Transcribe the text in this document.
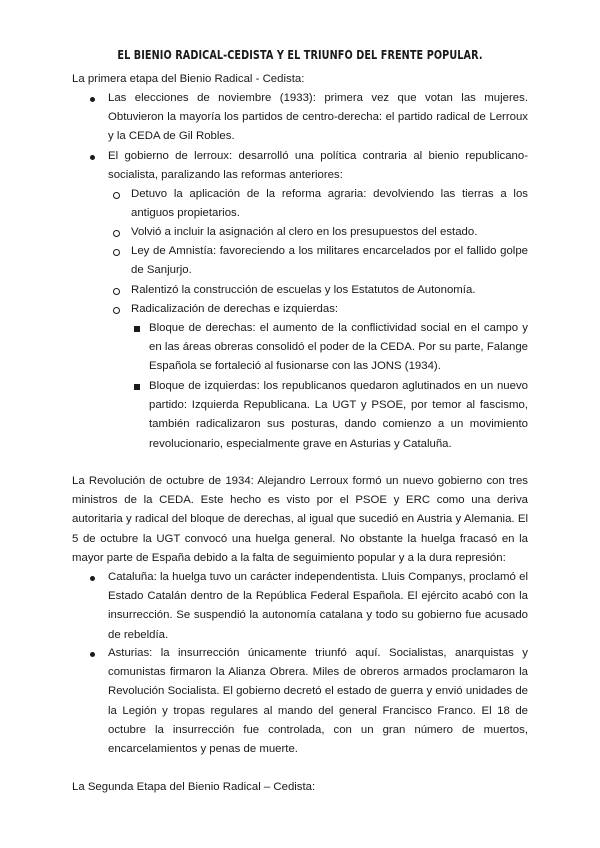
EL BIENIO RADICAL-CEDISTA Y EL TRIUNFO DEL FRENTE POPULAR.

La primera etapa del Bienio Radical - Cedista:

Las elecciones de noviembre (1933): primera vez que votan las mujeres. Obtuvieron la mayoría los partidos de centro-derecha: el partido radical de Lerroux y la CEDA de Gil Robles.

El gobierno de lerroux: desarrolló una política contraria al bienio republicano-socialista, paralizando las reformas anteriores:

Detuvo la aplicación de la reforma agraria: devolviendo las tierras a los antiguos propietarios.

Volvió a incluir la asignación al clero en los presupuestos del estado.

Ley de Amnistía: favoreciendo a los militares encarcelados por el fallido golpe de Sanjurjo.

Ralentizó la construcción de escuelas y los Estatutos de Autonomía.

Radicalización de derechas e izquierdas:

Bloque de derechas: el aumento de la conflictividad social en el campo y en las áreas obreras consolidó el poder de la CEDA. Por su parte, Falange Española se fortaleció al fusionarse con las JONS (1934).

Bloque de izquierdas: los republicanos quedaron aglutinados en un nuevo partido: Izquierda Republicana. La UGT y PSOE, por temor al fascismo, también radicalizaron sus posturas, dando comienzo a un movimiento revolucionario, especialmente grave en Asturias y Cataluña.

La Revolución de octubre de 1934: Alejandro Lerroux formó un nuevo gobierno con tres ministros de la CEDA. Este hecho es visto por el PSOE y ERC como una deriva autoritaria y radical del bloque de derechas, al igual que sucedió en Austria y Alemania. El 5 de octubre la UGT convocó una huelga general. No obstante la huelga fracasó en la mayor parte de España debido a la falta de seguimiento popular y a la dura represión:

Cataluña: la huelga tuvo un carácter independentista. Lluis Companys, proclamó el Estado Catalán dentro de la República Federal Española. El ejército acabó con la insurrección. Se suspendió la autonomía catalana y todo su gobierno fue acusado de rebeldía.

Asturias: la insurrección únicamente triunfó aquí. Socialistas, anarquistas y comunistas firmaron la Alianza Obrera. Miles de obreros armados proclamaron la Revolución Socialista. El gobierno decretó el estado de guerra y envió unidades de la Legión y tropas regulares al mando del general Francisco Franco. El 18 de octubre la insurrección fue controlada, con un gran número de muertos, encarcelamientos y penas de muerte.

La Segunda Etapa del Bienio Radical – Cedista:
